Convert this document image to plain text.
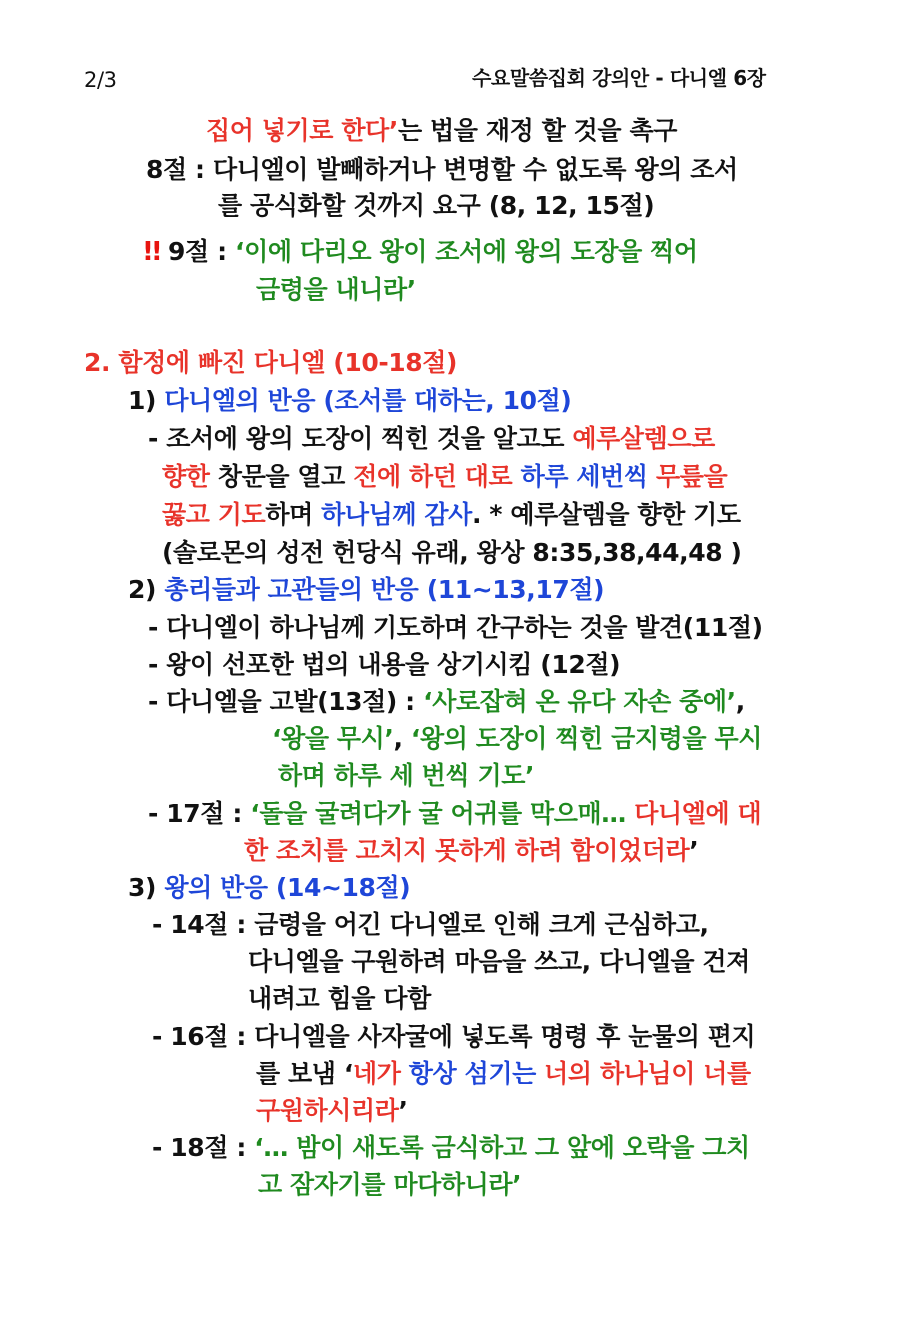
2/3	수요말씀집회 강의안 - 다니엘 6장
집어 넣기로 한다’는 법을 재정 할 것을 촉구
8절 : 다니엘이 발빼하거나 변명할 수 없도록 왕의 조서
를 공식화할 것까지 요구 (8, 12, 15절)
!! 9절 : ‘이에 다리오 왕이 조서에 왕의 도장을 찍어
금령을 내니라’
2. 함정에 빠진 다니엘 (10-18절)
1) 다니엘의 반응 (조서를 대하는, 10절)
- 조서에 왕의 도장이 찍힌 것을 알고도 예루살렘으로
향한 창문을 열고 전에 하던 대로 하루 세번씩 무릎을
꿇고 기도하며 하나님께 감사. * 예루살렘을 향한 기도
(솔로몬의 성전 헌당식 유래, 왕상 8:35,38,44,48 )
2) 총리들과 고관들의 반응 (11~13,17절)
- 다니엘이 하나님께 기도하며 간구하는 것을 발견(11절)
- 왕이 선포한 법의 내용을 상기시킴 (12절)
- 다니엘을 고발(13절) : ‘사로잡혀 온 유다 자손 중에’,
‘왕을 무시’, ‘왕의 도장이 찍힌 금지령을 무시
하며 하루 세 번씩 기도’
- 17절 : ‘돌을 굴려다가 굴 어귀를 막으매… 다니엘에 대
한 조치를 고치지 못하게 하려 함이었더라’
3) 왕의 반응 (14~18절)
- 14절 : 금령을 어긴 다니엘로 인해 크게 근심하고,
다니엘을 구원하려 마음을 쓰고, 다니엘을 건져
내려고 힘을 다함
- 16절 : 다니엘을 사자굴에 넣도록 명령 후 눈물의 편지
를 보냄 ‘네가 항상 섬기는 너의 하나님이 너를
구원하시리라’
- 18절 : ‘… 밤이 새도록 금식하고 그 앞에 오락을 그치
고 잠자기를 마다하니라’
